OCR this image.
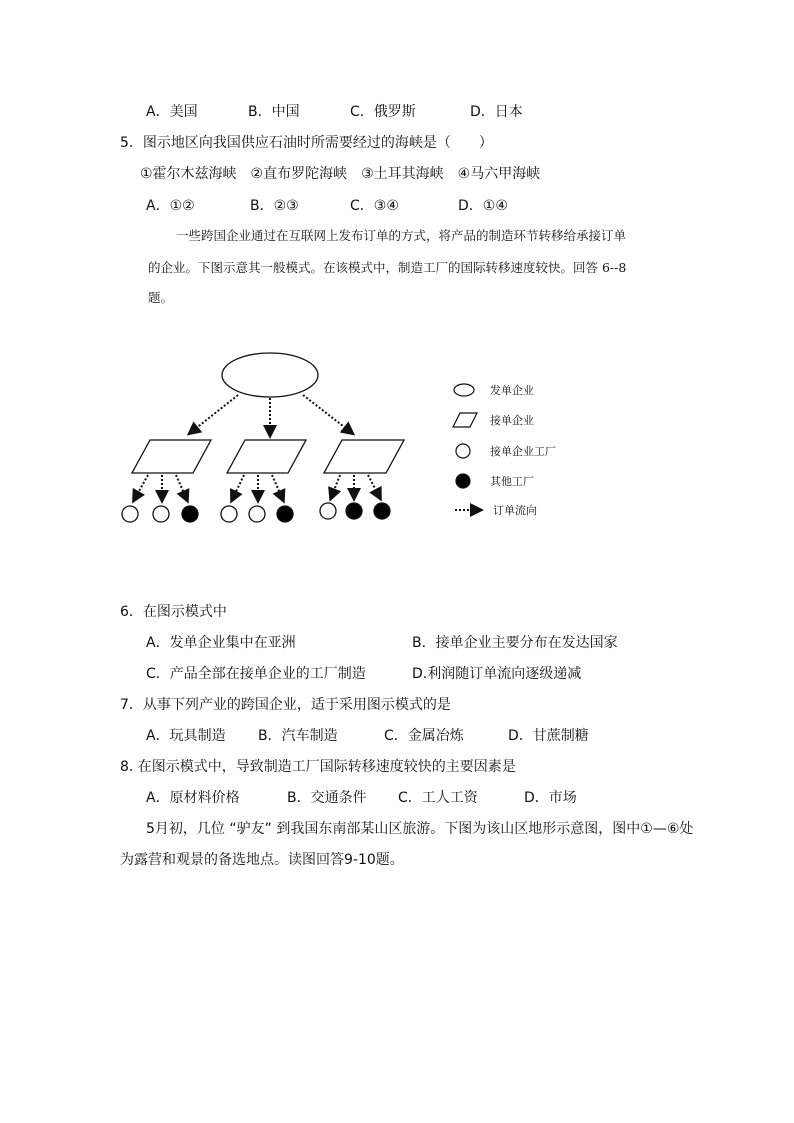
A．美国	B．中国	C．俄罗斯	D．日本
5．图示地区向我国供应石油时所需要经过的海峡是（　　）
①霍尔木兹海峡　②直布罗陀海峡　③土耳其海峡　④马六甲海峡
A．①②	B．②③	C．③④	D．①④
一些跨国企业通过在互联网上发布订单的方式，将产品的制造环节转移给承接订单
的企业。下图示意其一般模式。在该模式中，制造工厂的国际转移速度较快。回答 6--8
题。
发单企业
接单企业
接单企业工厂
其他工厂
订单流向
6．在图示模式中
A．发单企业集中在亚洲	B．接单企业主要分布在发达国家
C．产品全部在接单企业的工厂制造	D.利润随订单流向逐级递减
7．从事下列产业的跨国企业，适于采用图示模式的是
A．玩具制造 B．汽车制造	C．金属冶炼	D．甘蔗制糖
8. 在图示模式中，导致制造工厂国际转移速度较快的主要因素是
A．原材料价格	B．交通条件 C．工人工资	D．市场
5月初，几位 “驴友” 到我国东南部某山区旅游。下图为该山区地形示意图，图中①—⑥处
为露营和观景的备选地点。读图回答9-10题。
